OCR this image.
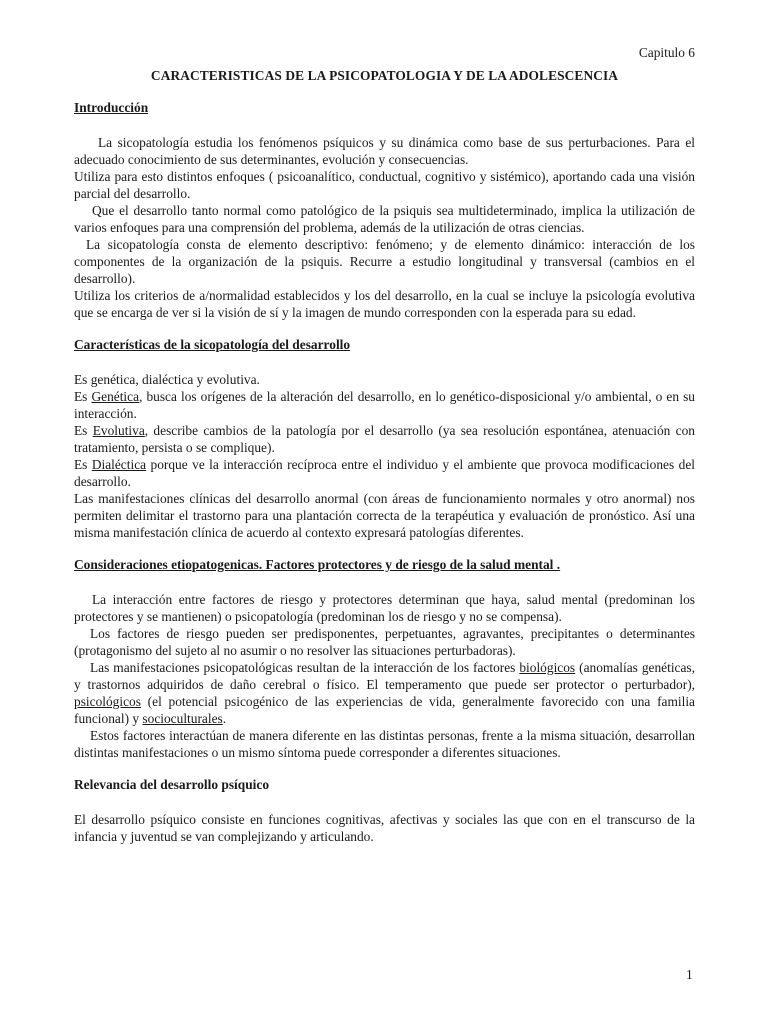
Capitulo 6

CARACTERISTICAS DE LA PSICOPATOLOGIA Y DE LA ADOLESCENCIA

Introducción

La sicopatología estudia los fenómenos psíquicos y su dinámica como base de sus perturbaciones. Para el adecuado conocimiento de sus determinantes, evolución y consecuencias.

Utiliza para esto distintos enfoques ( psicoanalítico, conductual, cognitivo y sistémico), aportando cada una visión parcial del desarrollo.

Que el desarrollo tanto normal como patológico de la psiquis sea multideterminado, implica la utilización de varios enfoques para una comprensión del problema, además de la utilización de otras ciencias.

La sicopatología consta de elemento descriptivo: fenómeno; y de elemento dinámico: interacción de los componentes de la organización de la psiquis. Recurre a estudio longitudinal y transversal (cambios en el desarrollo).

Utiliza los criterios de a/normalidad establecidos y los del desarrollo, en la cual se incluye la psicología evolutiva que se encarga de ver si la visión de sí y la imagen de mundo corresponden con la esperada para su edad.

Características de la sicopatología del desarrollo

Es genética, dialéctica y evolutiva.

Es Genética, busca los orígenes de la alteración del desarrollo, en lo genético-disposicional y/o ambiental, o en su interacción.

Es Evolutiva, describe cambios de la patología por el desarrollo (ya sea resolución espontánea, atenuación con tratamiento, persista o se complique).

Es Dialéctica porque ve la interacción recíproca entre el individuo y el ambiente que provoca modificaciones del desarrollo.

Las manifestaciones clínicas del desarrollo anormal (con áreas de funcionamiento normales y otro anormal) nos permiten delimitar el trastorno para una plantación correcta de la terapéutica y evaluación de pronóstico. Así una misma manifestación clínica de acuerdo al contexto expresará patologías diferentes.

Consideraciones etiopatogenicas. Factores protectores y de riesgo de la salud mental .

La interacción entre factores de riesgo y protectores determinan que haya, salud mental (predominan los protectores y se mantienen) o psicopatología (predominan los de riesgo y no se compensa).

Los factores de riesgo pueden ser predisponentes, perpetuantes, agravantes, precipitantes o determinantes (protagonismo del sujeto al no asumir o no resolver las situaciones perturbadoras).

Las manifestaciones psicopatológicas resultan de la interacción de los factores biológicos (anomalías genéticas, y trastornos adquiridos de daño cerebral o físico. El temperamento que puede ser protector o perturbador), psicológicos (el potencial psicogénico de las experiencias de vida, generalmente favorecido con una familia funcional) y socioculturales.

Estos factores interactúan de manera diferente en las distintas personas, frente a la misma situación, desarrollan distintas manifestaciones o un mismo síntoma puede corresponder a diferentes situaciones.

Relevancia del desarrollo psíquico

El desarrollo psíquico consiste en funciones cognitivas, afectivas y sociales las que con en el transcurso de la infancia y juventud se van complejizando y articulando.

1
